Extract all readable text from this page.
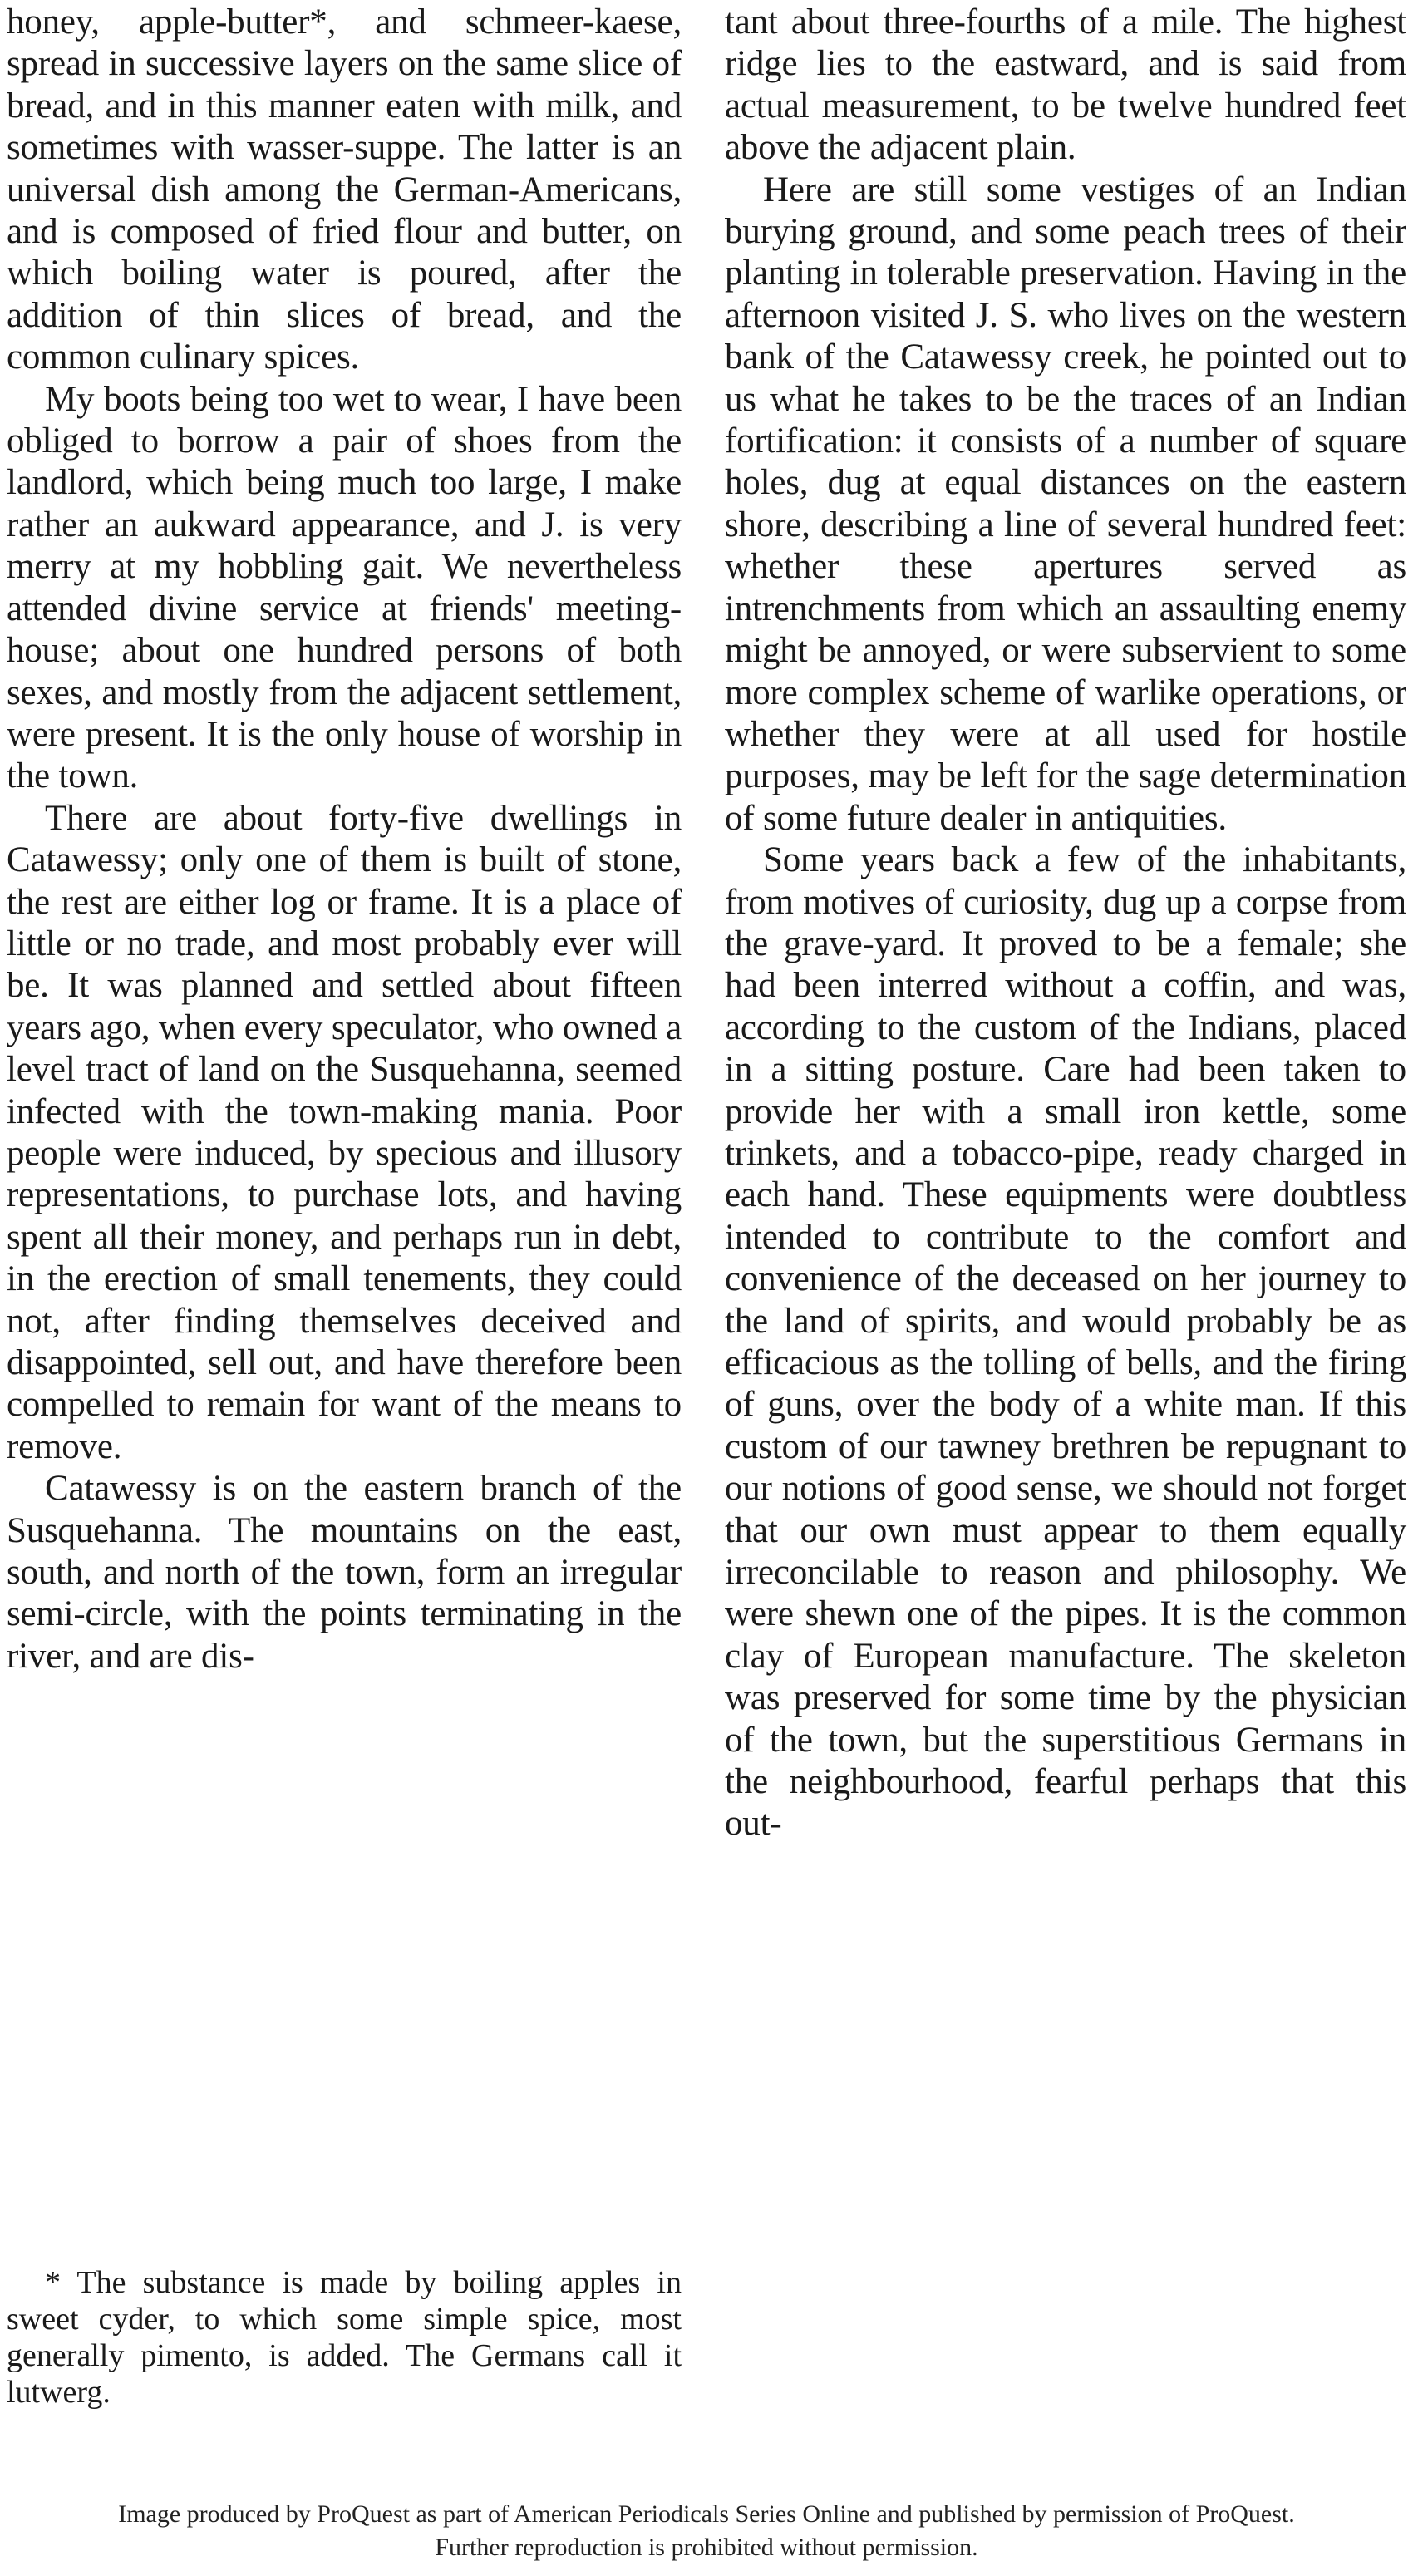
honey, apple-butter*, and schmeer-kaese, spread in successive layers on the same slice of bread, and in this manner eaten with milk, and sometimes with wasser-suppe. The latter is an universal dish among the German-Americans, and is composed of fried flour and butter, on which boiling water is poured, after the addition of thin slices of bread, and the common culinary spices.

My boots being too wet to wear, I have been obliged to borrow a pair of shoes from the landlord, which being much too large, I make rather an aukward appearance, and J. is very merry at my hobbling gait. We nevertheless attended divine service at friends' meeting-house; about one hundred persons of both sexes, and mostly from the adjacent settlement, were present. It is the only house of worship in the town.

There are about forty-five dwellings in Catawessy; only one of them is built of stone, the rest are either log or frame. It is a place of little or no trade, and most probably ever will be. It was planned and settled about fifteen years ago, when every speculator, who owned a level tract of land on the Susquehanna, seemed infected with the town-making mania. Poor people were induced, by specious and illusory representations, to purchase lots, and having spent all their money, and perhaps run in debt, in the erection of small tenements, they could not, after finding themselves deceived and disappointed, sell out, and have therefore been compelled to remain for want of the means to remove.

Catawessy is on the eastern branch of the Susquehanna. The mountains on the east, south, and north of the town, form an irregular semi-circle, with the points terminating in the river, and are dis-

* The substance is made by boiling apples in sweet cyder, to which some simple spice, most generally pimento, is added. The Germans call it lutwerg.

tant about three-fourths of a mile. The highest ridge lies to the eastward, and is said from actual measurement, to be twelve hundred feet above the adjacent plain.

Here are still some vestiges of an Indian burying ground, and some peach trees of their planting in tolerable preservation. Having in the afternoon visited J. S. who lives on the western bank of the Catawessy creek, he pointed out to us what he takes to be the traces of an Indian fortification: it consists of a number of square holes, dug at equal distances on the eastern shore, describing a line of several hundred feet: whether these apertures served as intrenchments from which an assaulting enemy might be annoyed, or were subservient to some more complex scheme of warlike operations, or whether they were at all used for hostile purposes, may be left for the sage determination of some future dealer in antiquities.

Some years back a few of the inhabitants, from motives of curiosity, dug up a corpse from the grave-yard. It proved to be a female; she had been interred without a coffin, and was, according to the custom of the Indians, placed in a sitting posture. Care had been taken to provide her with a small iron kettle, some trinkets, and a tobacco-pipe, ready charged in each hand. These equipments were doubtless intended to contribute to the comfort and convenience of the deceased on her journey to the land of spirits, and would probably be as efficacious as the tolling of bells, and the firing of guns, over the body of a white man. If this custom of our tawney brethren be repugnant to our notions of good sense, we should not forget that our own must appear to them equally irreconcilable to reason and philosophy. We were shewn one of the pipes. It is the common clay of European manufacture. The skeleton was preserved for some time by the physician of the town, but the superstitious Germans in the neighbourhood, fearful perhaps that this out-

Image produced by ProQuest as part of American Periodicals Series Online and published by permission of ProQuest.
Further reproduction is prohibited without permission.
